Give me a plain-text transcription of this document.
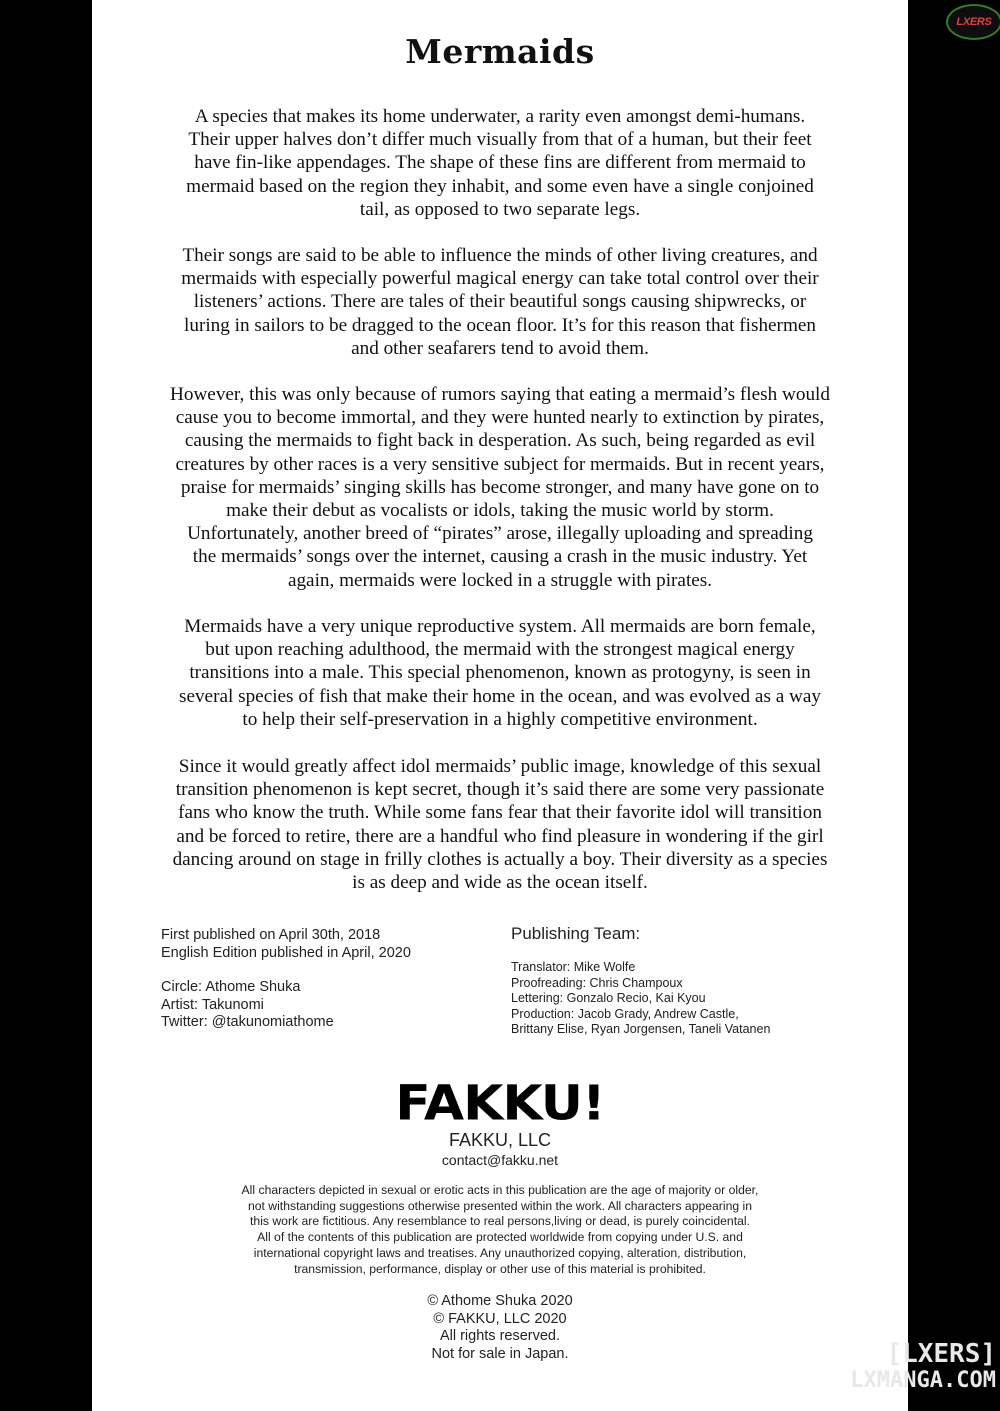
Mermaids

A species that makes its home underwater, a rarity even amongst demi-humans.
Their upper halves don’t differ much visually from that of a human, but their feet
have fin-like appendages. The shape of these fins are different from mermaid to
mermaid based on the region they inhabit, and some even have a single conjoined
tail, as opposed to two separate legs.

Their songs are said to be able to influence the minds of other living creatures, and
mermaids with especially powerful magical energy can take total control over their
listeners’ actions. There are tales of their beautiful songs causing shipwrecks, or
luring in sailors to be dragged to the ocean floor. It’s for this reason that fishermen
and other seafarers tend to avoid them.

However, this was only because of rumors saying that eating a mermaid’s flesh would
cause you to become immortal, and they were hunted nearly to extinction by pirates,
causing the mermaids to fight back in desperation. As such, being regarded as evil
creatures by other races is a very sensitive subject for mermaids. But in recent years,
praise for mermaids’ singing skills has become stronger, and many have gone on to
make their debut as vocalists or idols, taking the music world by storm.
Unfortunately, another breed of “pirates” arose, illegally uploading and spreading
the mermaids’ songs over the internet, causing a crash in the music industry. Yet
again, mermaids were locked in a struggle with pirates.

Mermaids have a very unique reproductive system. All mermaids are born female,
but upon reaching adulthood, the mermaid with the strongest magical energy
transitions into a male. This special phenomenon, known as protogyny, is seen in
several species of fish that make their home in the ocean, and was evolved as a way
to help their self-preservation in a highly competitive environment.

Since it would greatly affect idol mermaids’ public image, knowledge of this sexual
transition phenomenon is kept secret, though it’s said there are some very passionate
fans who know the truth. While some fans fear that their favorite idol will transition
and be forced to retire, there are a handful who find pleasure in wondering if the girl
dancing around on stage in frilly clothes is actually a boy. Their diversity as a species
is as deep and wide as the ocean itself.

First published on April 30th, 2018
English Edition published in April, 2020
Circle: Athome Shuka
Artist: Takunomi
Twitter: @takunomiathome
Publishing Team:
Translator: Mike Wolfe
Proofreading: Chris Champoux
Lettering: Gonzalo Recio, Kai Kyou
Production: Jacob Grady, Andrew Castle,
Brittany Elise, Ryan Jorgensen, Taneli Vatanen
FAKKU!
FAKKU, LLC
contact@fakku.net
All characters depicted in sexual or erotic acts in this publication are the age of majority or older,
not withstanding suggestions otherwise presented within the work. All characters appearing in
this work are fictitious. Any resemblance to real persons,living or dead, is purely coincidental.
All of the contents of this publication are protected worldwide from copying under U.S. and
international copyright laws and treatises. Any unauthorized copying, alteration, distribution,
transmission, performance, display or other use of this material is prohibited.
© Athome Shuka 2020
© FAKKU, LLC 2020
All rights reserved.
Not for sale in Japan.
LXERS
[LXERS]
LXMANGA.COM
